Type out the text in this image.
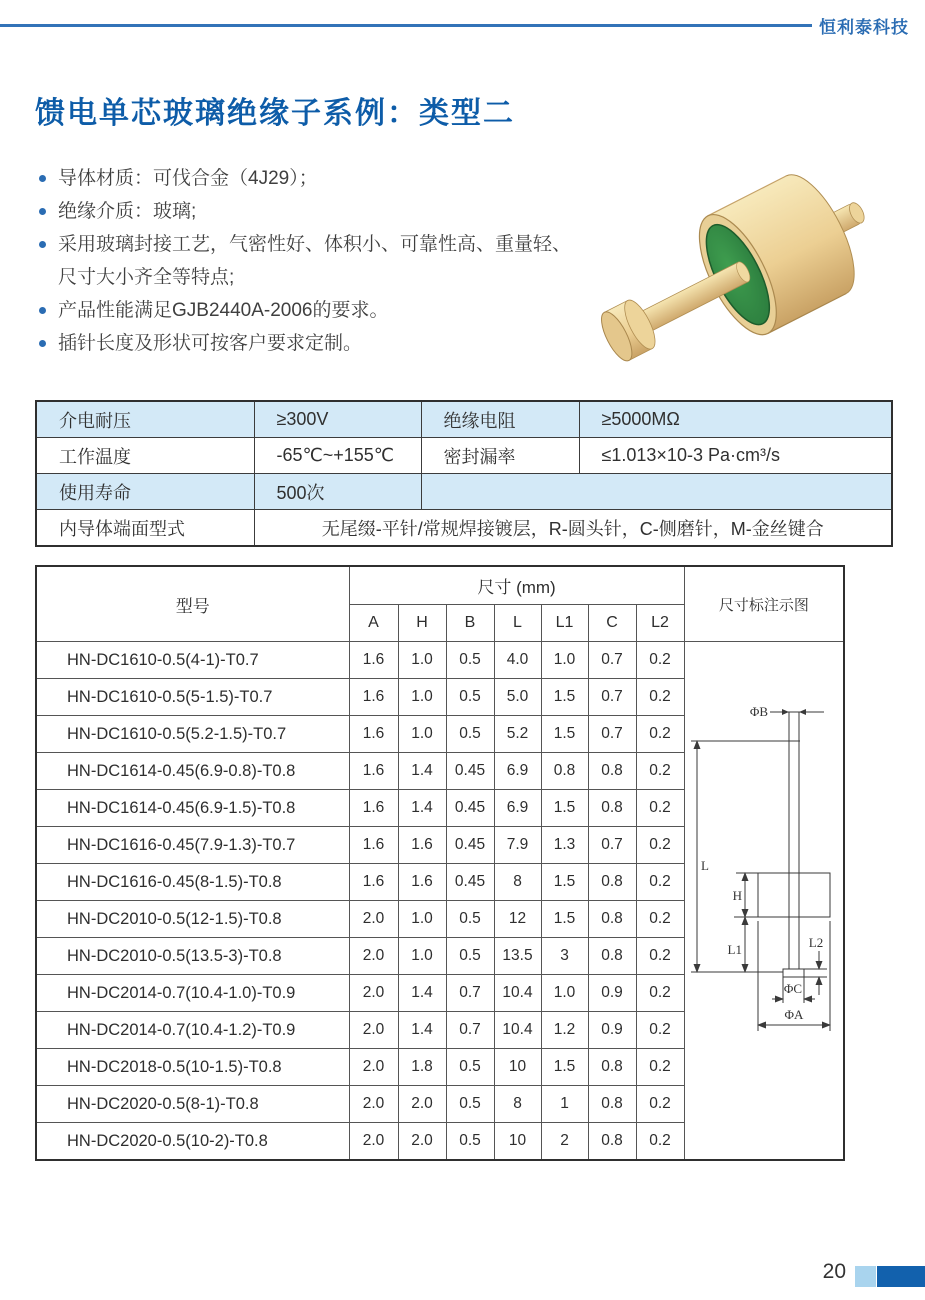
恒利泰科技
馈电单芯玻璃绝缘子系例：类型二
导体材质：可伐合金（4J29）；
绝缘介质：玻璃;
采用玻璃封接工艺，气密性好、体积小、可靠性高、重量轻、
尺寸大小齐全等特点;
产品性能满足GJB2440A-2006的要求。
插针长度及形状可按客户要求定制。
介电耐压	≥300V	绝缘电阻	≥5000MΩ
工作温度	-65℃~+155℃	密封漏率	≤1.013×10-3 Pa·cm³/s
使用寿命	500次		
内导体端面型式	无尾缀-平针/常规焊接镀层，R-圆头针，C-侧磨针，M-金丝键合		
型号	尺寸 (mm)							尺寸标注示图
	A	H	B	L	L1	C	L2	
HN-DC1610-0.5(4-1)-T0.7	1.6	1.0	0.5	4.0	1.0	0.7	0.2	
ΦB
L
H
L1	L2
ΦC
ΦA

HN-DC1610-0.5(5-1.5)-T0.7	1.6	1.0	0.5	5.0	1.5	0.7	0.2	
HN-DC1610-0.5(5.2-1.5)-T0.7	1.6	1.0	0.5	5.2	1.5	0.7	0.2	
HN-DC1614-0.45(6.9-0.8)-T0.8	1.6	1.4	0.45	6.9	0.8	0.8	0.2	
HN-DC1614-0.45(6.9-1.5)-T0.8	1.6	1.4	0.45	6.9	1.5	0.8	0.2	
HN-DC1616-0.45(7.9-1.3)-T0.7	1.6	1.6	0.45	7.9	1.3	0.7	0.2	
HN-DC1616-0.45(8-1.5)-T0.8	1.6	1.6	0.45	8	1.5	0.8	0.2	
HN-DC2010-0.5(12-1.5)-T0.8	2.0	1.0	0.5	12	1.5	0.8	0.2	
HN-DC2010-0.5(13.5-3)-T0.8	2.0	1.0	0.5	13.5	3	0.8	0.2	
HN-DC2014-0.7(10.4-1.0)-T0.9	2.0	1.4	0.7	10.4	1.0	0.9	0.2	
HN-DC2014-0.7(10.4-1.2)-T0.9	2.0	1.4	0.7	10.4	1.2	0.9	0.2	
HN-DC2018-0.5(10-1.5)-T0.8	2.0	1.8	0.5	10	1.5	0.8	0.2	
HN-DC2020-0.5(8-1)-T0.8	2.0	2.0	0.5	8	1	0.8	0.2	
HN-DC2020-0.5(10-2)-T0.8	2.0	2.0	0.5	10	2	0.8	0.2	
20
